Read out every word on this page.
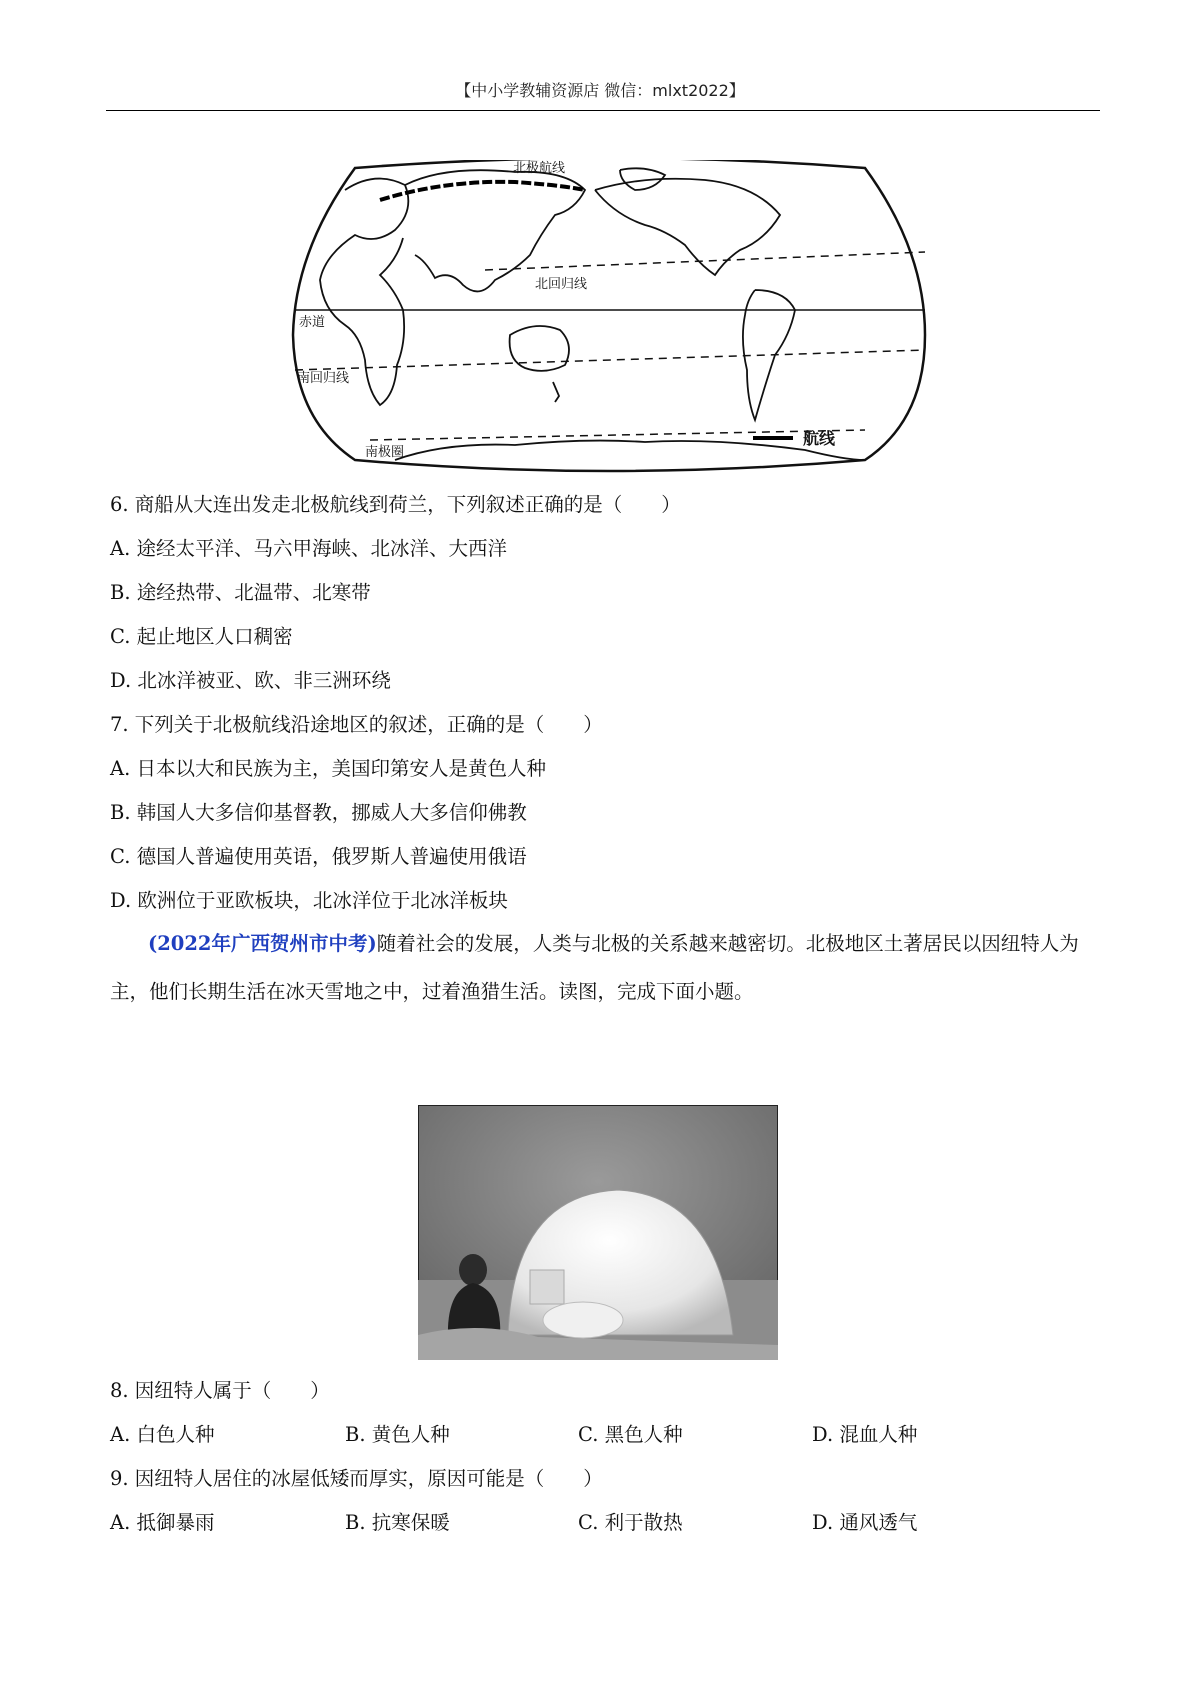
【中小学教辅资源店 微信：mlxt2022】
北极航线
北回归线
赤道
南回归线
南极圈
航线
6. 商船从大连出发走北极航线到荷兰，下列叙述正确的是（　　）
A. 途经太平洋、马六甲海峡、北冰洋、大西洋
B. 途经热带、北温带、北寒带
C. 起止地区人口稠密
D. 北冰洋被亚、欧、非三洲环绕
7. 下列关于北极航线沿途地区的叙述，正确的是（　　）
A. 日本以大和民族为主，美国印第安人是黄色人种
B. 韩国人大多信仰基督教，挪威人大多信仰佛教
C. 德国人普遍使用英语，俄罗斯人普遍使用俄语
D. 欧洲位于亚欧板块，北冰洋位于北冰洋板块
(2022年广西贺州市中考)随着社会的发展，人类与北极的关系越来越密切。北极地区土著居民以因纽特人为主，他们长期生活在冰天雪地之中，过着渔猎生活。读图，完成下面小题。
8. 因纽特人属于（　　）
A. 白色人种	B. 黄色人种	C. 黑色人种	D. 混血人种
9. 因纽特人居住的冰屋低矮而厚实，原因可能是（　　）
A. 抵御暴雨	B. 抗寒保暖	C. 利于散热	D. 通风透气
